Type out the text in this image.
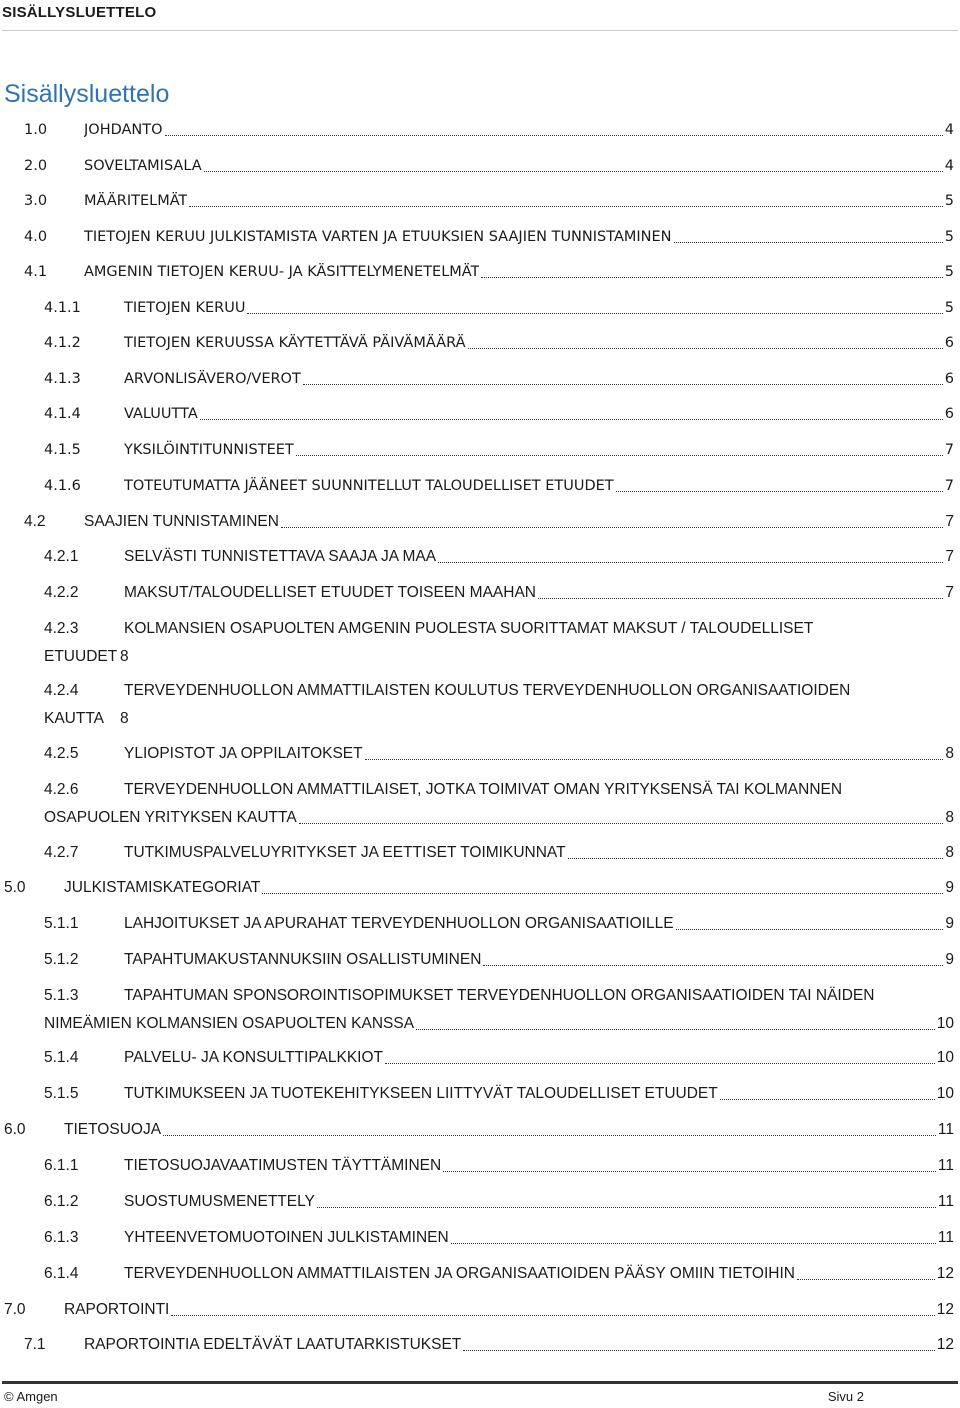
SISÄLLYSLUETTELO
Sisällysluettelo
1.0	JOHDANTO	4
2.0	SOVELTAMISALA	4
3.0	MÄÄRITELMÄT	5
4.0	TIETOJEN KERUU JULKISTAMISTA VARTEN JA ETUUKSIEN SAAJIEN TUNNISTAMINEN	5
4.1	AMGENIN TIETOJEN KERUU- JA KÄSITTELYMENETELMÄT	5
4.1.1	TIETOJEN KERUU	5
4.1.2	TIETOJEN KERUUSSA KÄYTETTÄVÄ PÄIVÄMÄÄRÄ	6
4.1.3	ARVONLISÄVERO/VEROT	6
4.1.4	VALUUTTA	6
4.1.5	YKSILÖINTITUNNISTEET	7
4.1.6	TOTEUTUMATTA JÄÄNEET SUUNNITELLUT TALOUDELLISET ETUUDET	7
4.2	SAAJIEN TUNNISTAMINEN	7
4.2.1	SELVÄSTI TUNNISTETTAVA SAAJA JA MAA	7
4.2.2	MAKSUT/TALOUDELLISET ETUUDET TOISEEN MAAHAN	7
4.2.3	KOLMANSIEN OSAPUOLTEN AMGENIN PUOLESTA SUORITTAMAT MAKSUT / TALOUDELLISET
ETUUDET 8
4.2.4	TERVEYDENHUOLLON AMMATTILAISTEN KOULUTUS TERVEYDENHUOLLON ORGANISAATIOIDEN
KAUTTA	8
4.2.5	YLIOPISTOT JA OPPILAITOKSET	8
4.2.6	TERVEYDENHUOLLON AMMATTILAISET, JOTKA TOIMIVAT OMAN YRITYKSENSÄ TAI KOLMANNEN
OSAPUOLEN YRITYKSEN KAUTTA	8
4.2.7	TUTKIMUSPALVELUYRITYKSET JA EETTISET TOIMIKUNNAT	8
5.0	JULKISTAMISKATEGORIAT	9
5.1.1	LAHJOITUKSET JA APURAHAT TERVEYDENHUOLLON ORGANISAATIOILLE	9
5.1.2	TAPAHTUMAKUSTANNUKSIIN OSALLISTUMINEN	9
5.1.3	TAPAHTUMAN SPONSOROINTISOPIMUKSET TERVEYDENHUOLLON ORGANISAATIOIDEN TAI NÄIDEN
NIMEÄMIEN KOLMANSIEN OSAPUOLTEN KANSSA	10
5.1.4	PALVELU- JA KONSULTTIPALKKIOT	10
5.1.5	TUTKIMUKSEEN JA TUOTEKEHITYKSEEN LIITTYVÄT TALOUDELLISET ETUUDET	10
6.0	TIETOSUOJA	11
6.1.1	TIETOSUOJAVAATIMUSTEN TÄYTTÄMINEN	11
6.1.2	SUOSTUMUSMENETTELY	11
6.1.3	YHTEENVETOMUOTOINEN JULKISTAMINEN	11
6.1.4	TERVEYDENHUOLLON AMMATTILAISTEN JA ORGANISAATIOIDEN PÄÄSY OMIIN TIETOIHIN	12
7.0	RAPORTOINTI	12
7.1	RAPORTOINTIA EDELTÄVÄT LAATUTARKISTUKSET	12
© Amgen	Sivu 2
